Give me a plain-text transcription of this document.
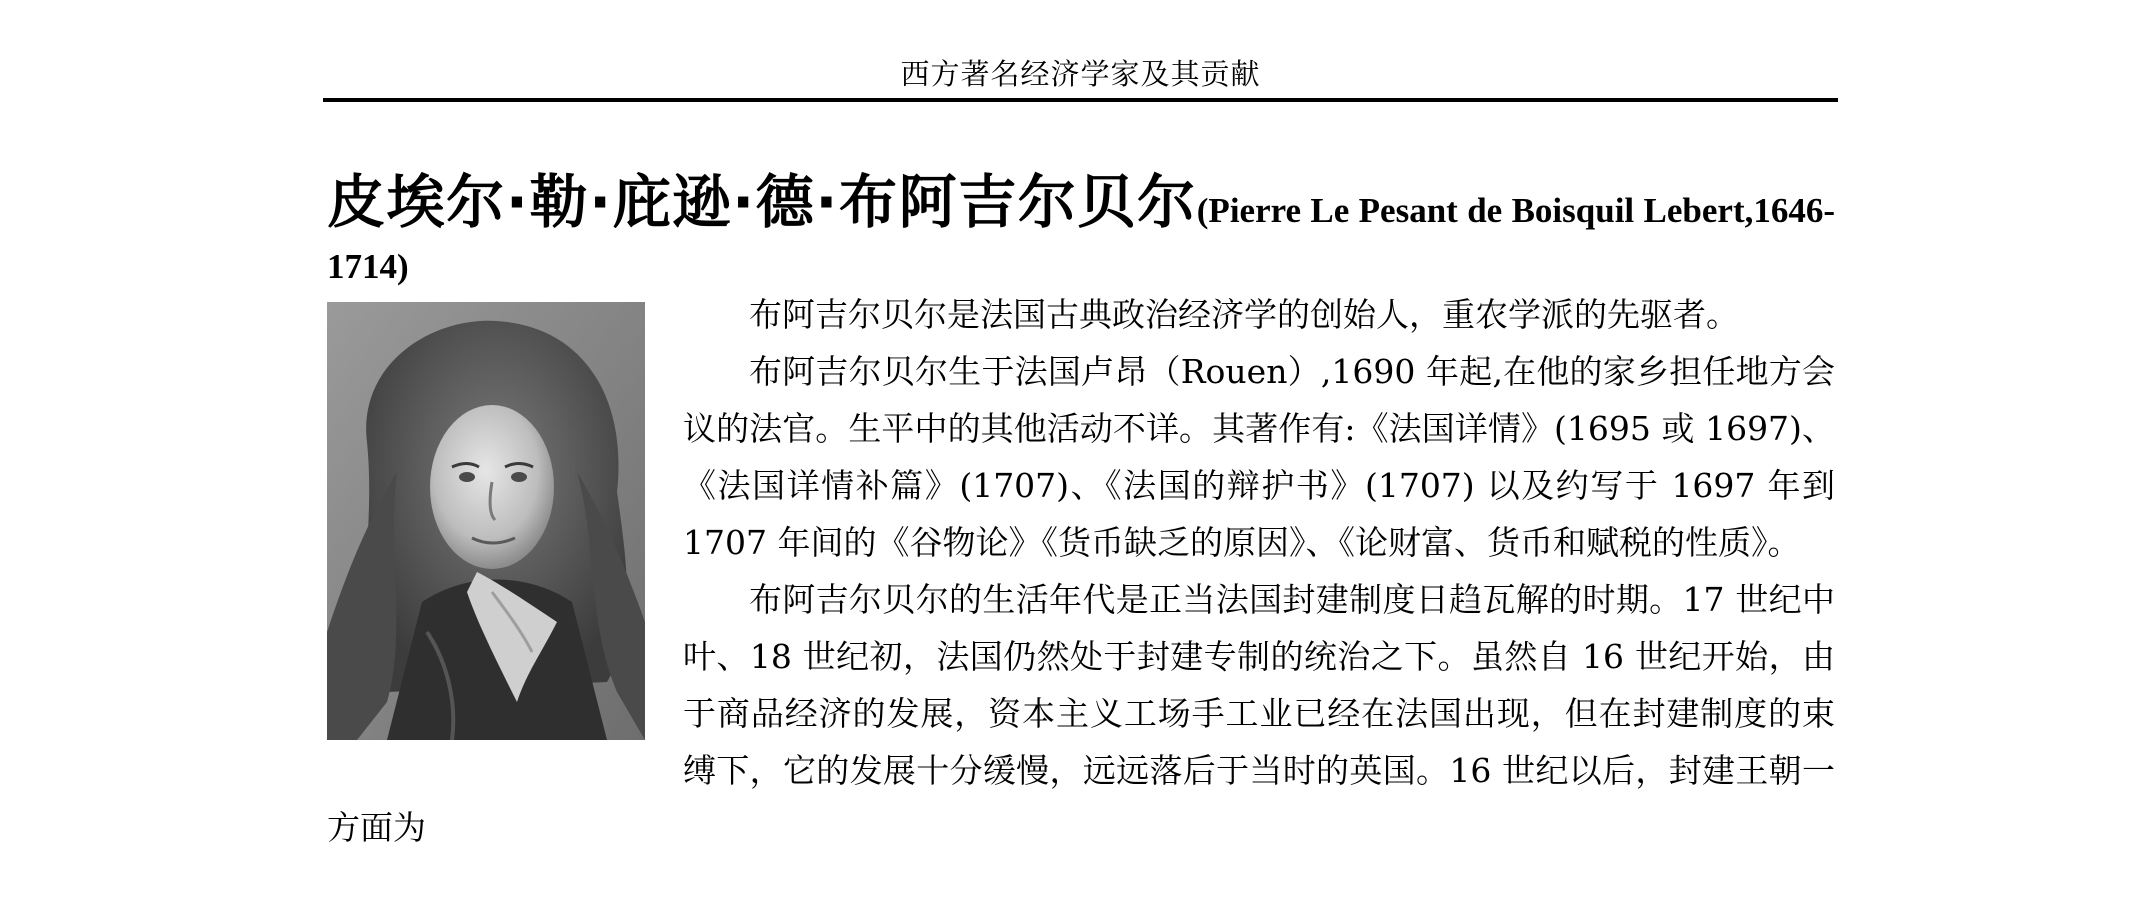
西方著名经济学家及其贡献
皮埃尔·勒·庇逊·德·布阿吉尔贝尔(Pierre Le Pesant de Boisquil Lebert,1646-1714)

布阿吉尔贝尔是法国古典政治经济学的创始人，重农学派的先驱者。

布阿吉尔贝尔生于法国卢昂（Rouen）,1690 年起,在他的家乡担任地方会议的法官。生平中的其他活动不详。其著作有:《法国详情》(1695 或 1697)、《法国详情补篇》(1707)、《法国的辩护书》(1707) 以及约写于 1697 年到 1707 年间的《谷物论》《货币缺乏的原因》、《论财富、货币和赋税的性质》。

布阿吉尔贝尔的生活年代是正当法国封建制度日趋瓦解的时期。17 世纪中叶、18 世纪初，法国仍然处于封建专制的统治之下。虽然自 16 世纪开始，由于商品经济的发展，资本主义工场手工业已经在法国出现，但在封建制度的束缚下，它的发展十分缓慢，远远落后于当时的英国。16 世纪以后，封建王朝一方面为
